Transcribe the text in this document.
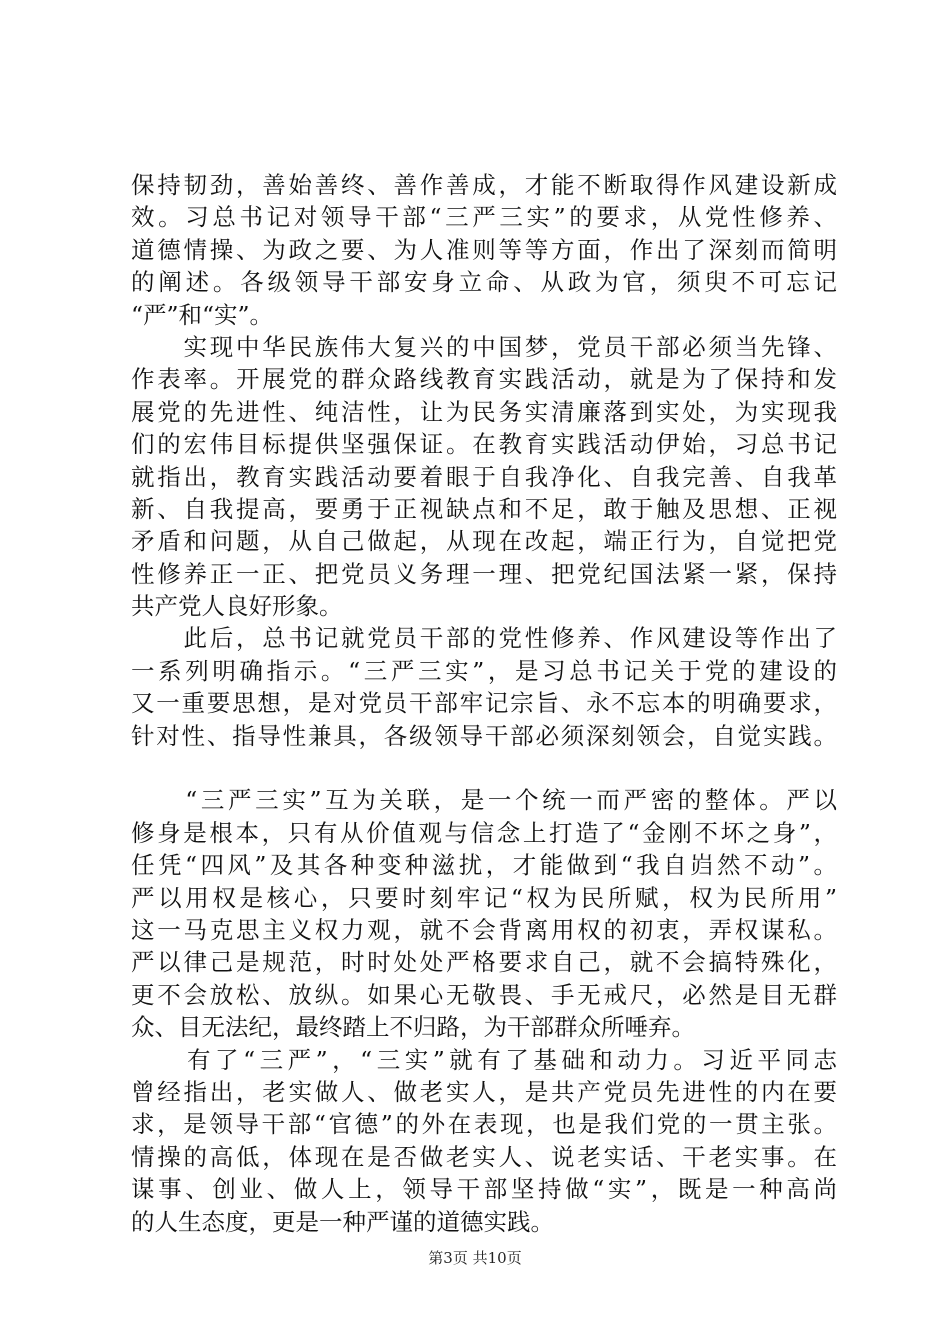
保持韧劲，善始善终、善作善成，才能不断取得作风建设新成
效。习总书记对领导干部“三严三实”的要求，从党性修养、
道德情操、为政之要、为人准则等等方面，作出了深刻而简明
的阐述。各级领导干部安身立命、从政为官，须臾不可忘记
“严”和“实”。
　　实现中华民族伟大复兴的中国梦，党员干部必须当先锋、
作表率。开展党的群众路线教育实践活动，就是为了保持和发
展党的先进性、纯洁性，让为民务实清廉落到实处，为实现我
们的宏伟目标提供坚强保证。在教育实践活动伊始，习总书记
就指出，教育实践活动要着眼于自我净化、自我完善、自我革
新、自我提高，要勇于正视缺点和不足，敢于触及思想、正视
矛盾和问题，从自己做起，从现在改起，端正行为，自觉把党
性修养正一正、把党员义务理一理、把党纪国法紧一紧，保持
共产党人良好形象。
　　此后，总书记就党员干部的党性修养、作风建设等作出了
一系列明确指示。“三严三实”，是习总书记关于党的建设的
又一重要思想，是对党员干部牢记宗旨、永不忘本的明确要求，
针对性、指导性兼具，各级领导干部必须深刻领会，自觉实践。
　　“三严三实”互为关联，是一个统一而严密的整体。严以
修身是根本，只有从价值观与信念上打造了“金刚不坏之身”，
任凭“四风”及其各种变种滋扰，才能做到“我自岿然不动”。
严以用权是核心，只要时刻牢记“权为民所赋，权为民所用”
这一马克思主义权力观，就不会背离用权的初衷，弄权谋私。
严以律己是规范，时时处处严格要求自己，就不会搞特殊化，
更不会放松、放纵。如果心无敬畏、手无戒尺，必然是目无群
众、目无法纪，最终踏上不归路，为干部群众所唾弃。
　　有了“三严”，“三实”就有了基础和动力。习近平同志
曾经指出，老实做人、做老实人，是共产党员先进性的内在要
求，是领导干部“官德”的外在表现，也是我们党的一贯主张。
情操的高低，体现在是否做老实人、说老实话、干老实事。在
谋事、创业、做人上，领导干部坚持做“实”，既是一种高尚
的人生态度，更是一种严谨的道德实践。
第3页 共10页
